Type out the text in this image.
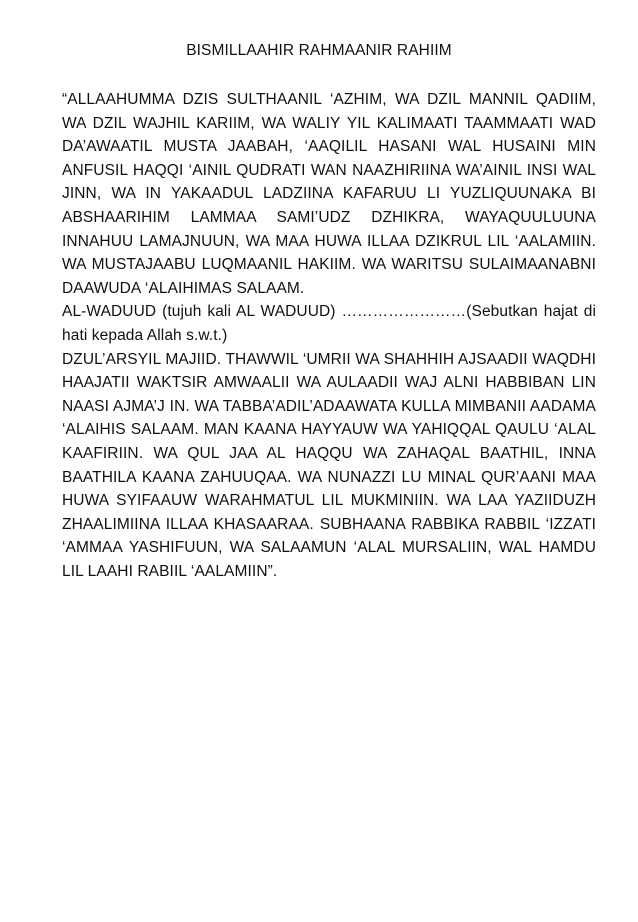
BISMILLAAHIR RAHMAANIR RAHIIM

“ALLAAHUMMA DZIS SULTHAANIL ‘AZHIM, WA DZIL MANNIL QADIIM, WA DZIL WAJHIL KARIIM, WA WALIY YIL KALIMAATI TAAMMAATI WAD DA’AWAATIL MUSTA JAABAH, ‘AAQILIL HASANI WAL HUSAINI MIN ANFUSIL HAQQI ‘AINIL QUDRATI WAN NAAZHIRIINA WA’AINIL INSI WAL JINN, WA IN YAKAADUL LADZIINA KAFARUU LI YUZLIQUUNAKA BI ABSHAARIHIM LAMMAA SAMI’UDZ DZHIKRA, WAYAQUULUUNA INNAHUU LAMAJNUUN, WA MAA HUWA ILLAA DZIKRUL LIL ‘AALAMIIN. WA MUSTAJAABU LUQMAANIL HAKIIM. WA WARITSU SULAIMAANABNI DAAWUDA ‘ALAIHIMAS SALAAM.

AL-WADUUD (tujuh kali AL WADUUD) ……………………(Sebutkan hajat di hati kepada Allah s.w.t.)

DZUL’ARSYIL MAJIID. THAWWIL ‘UMRII WA SHAHHIH AJSAADII WAQDHI HAAJATII WAKTSIR AMWAALII WA AULAADII WAJ ALNI HABBIBAN LIN NAASI AJMA’J IN. WA TABBA’ADIL’ADAAWATA KULLA MIMBANII AADAMA ‘ALAIHIS SALAAM. MAN KAANA HAYYAUW WA YAHIQQAL QAULU ‘ALAL KAAFIRIIN. WA QUL JAA AL HAQQU WA ZAHAQAL BAATHIL, INNA BAATHILA KAANA ZAHUUQAA. WA NUNAZZI LU MINAL QUR’AANI MAA HUWA SYIFAAUW WARAHMATUL LIL MUKMINIIN. WA LAA YAZIIDUZH ZHAALIMIINA ILLAA KHASAARAA. SUBHAANA RABBIKA RABBIL ‘IZZATI ‘AMMAA YASHIFUUN, WA SALAAMUN ‘ALAL MURSALIIN, WAL HAMDU LIL LAAHI RABIIL ‘AALAMIIN”.
